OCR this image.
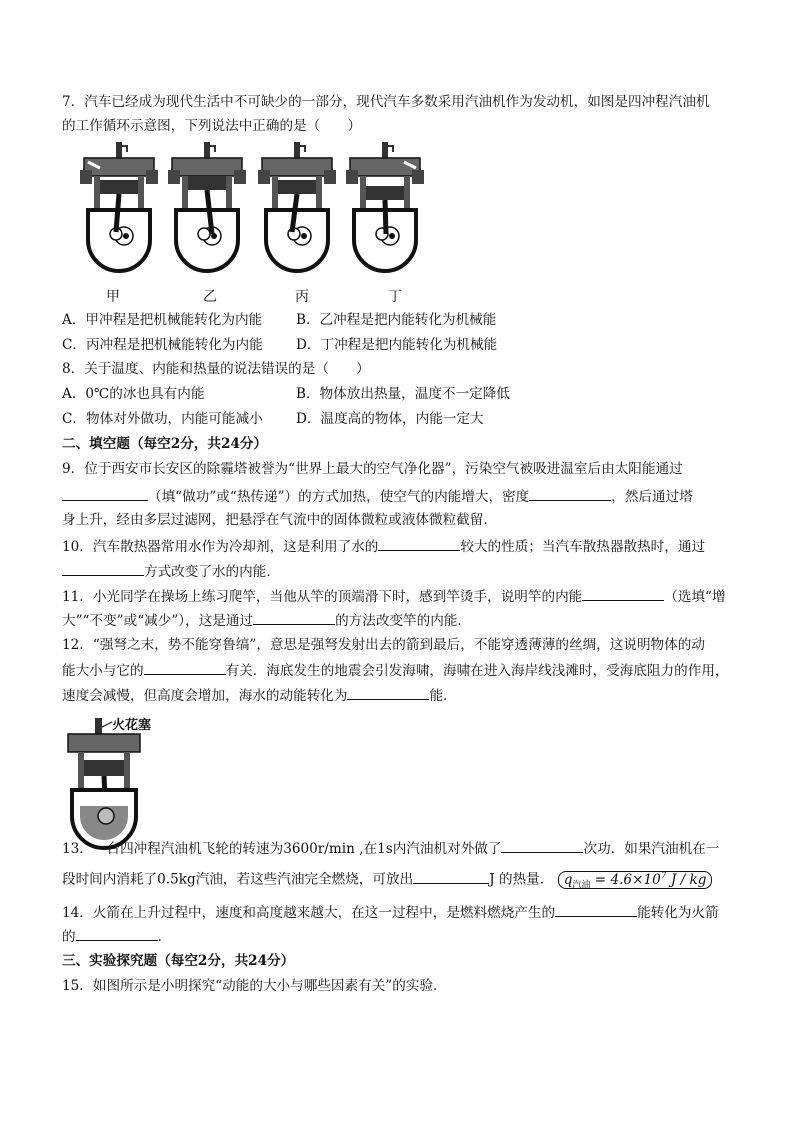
7．汽车已经成为现代生活中不可缺少的一部分，现代汽车多数采用汽油机作为发动机，如图是四冲程汽油机
的工作循环示意图，下列说法中正确的是（　　）
甲	乙	丙	丁
A．甲冲程是把机械能转化为内能 B．乙冲程是把内能转化为机械能
C．丙冲程是把机械能转化为内能 D．丁冲程是把内能转化为机械能
8．关于温度、内能和热量的说法错误的是（　　）
A．0℃的冰也具有内能	B．物体放出热量，温度不一定降低
C．物体对外做功，内能可能减小 D．温度高的物体，内能一定大
二、填空题（每空2分，共24分）
9．位于西安市长安区的除霾塔被誉为“世界上最大的空气净化器”，污染空气被吸进温室后由太阳能通过
（填“做功”或“热传递”）的方式加热，使空气的内能增大，密度	，然后通过塔
身上升，经由多层过滤网，把悬浮在气流中的固体微粒或液体微粒截留．
10．汽车散热器常用水作为冷却剂，这是利用了水的	较大的性质；当汽车散热器散热时，通过
方式改变了水的内能．
11．小光同学在操场上练习爬竿，当他从竿的顶端滑下时，感到竿烫手，说明竿的内能	（选填“增
大”“不变”或“减少”），这是通过	的方法改变竿的内能．
12．“强弩之末，势不能穿鲁缟”，意思是强弩发射出去的箭到最后，不能穿透薄薄的丝绸，这说明物体的动
能大小与它的	有关．海底发生的地震会引发海啸，海啸在进入海岸线浅滩时，受海底阻力的作用，
速度会减慢，但高度会增加，海水的动能转化为	能．
火花塞
13．一台四冲程汽油机飞轮的转速为3600r/min ,在1s内汽油机对外做了	次功．如果汽油机在一
段时间内消耗了0.5kg汽油，若这些汽油完全燃烧，可放出	J 的热量． $q_{汽油} = 4.6\times 10^7$ J / kg
14．火箭在上升过程中，速度和高度越来越大，在这一过程中，是燃料燃烧产生的	能转化为火箭
的	．
三、实验探究题（每空2分，共24分）
15．如图所示是小明探究“动能的大小与哪些因素有关”的实验．
